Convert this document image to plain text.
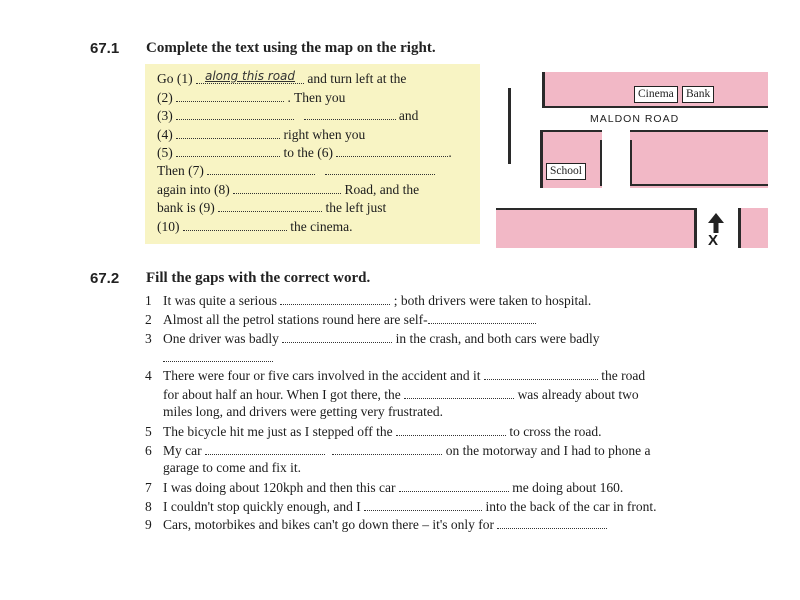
67.1 Complete the text using the map on the right.
Go (1) along this road and turn left at the
(2)	. Then you
(3)	and
(4)	right when you
(5)	to the (6)	.
Then (7)
again into (8)	Road, and the
bank is (9)	the left just
(10)	the cinema.
Cinema	Bank
MALDON ROAD
School
X
67.2 Fill the gaps with the correct word.
1 It was quite a serious	; both drivers were taken to hospital.
2 Almost all the petrol stations round here are self-
3 One driver was badly	in the crash, and both cars were badly
4 There were four or five cars involved in the accident and it	the road
for about half an hour. When I got there, the	was already about two
miles long, and drivers were getting very frustrated.
5 The bicycle hit me just as I stepped off the	to cross the road.
6 My car	on the motorway and I had to phone a
garage to come and fix it.
7 I was doing about 120kph and then this car	me doing about 160.
8 I couldn't stop quickly enough, and I	into the back of the car in front.
9 Cars, motorbikes and bikes can't go down there – it's only for
